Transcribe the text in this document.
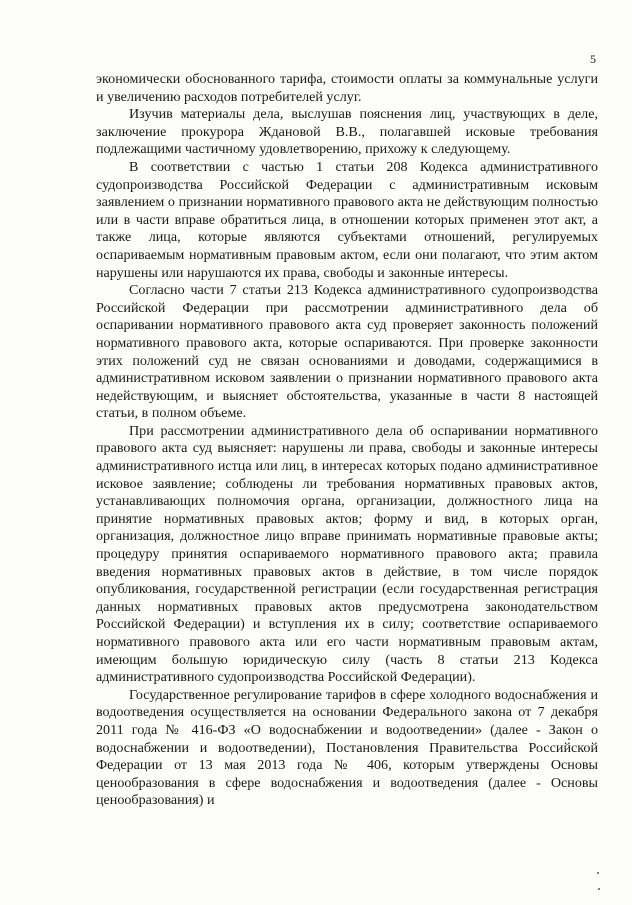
5

экономически обоснованного тарифа, стоимости оплаты за коммунальные услуги и увеличению расходов потребителей услуг.

Изучив материалы дела, выслушав пояснения лиц, участвующих в деле, заключение прокурора Ждановой В.В., полагавшей исковые требования подлежащими частичному удовлетворению, прихожу к следующему.

В соответствии с частью 1 статьи 208 Кодекса административного судопроизводства Российской Федерации с административным исковым заявлением о признании нормативного правового акта не действующим полностью или в части вправе обратиться лица, в отношении которых применен этот акт, а также лица, которые являются субъектами отношений, регулируемых оспариваемым нормативным правовым актом, если они полагают, что этим актом нарушены или нарушаются их права, свободы и законные интересы.

Согласно части 7 статьи 213 Кодекса административного судопроизводства Российской Федерации при рассмотрении административного дела об оспаривании нормативного правового акта суд проверяет законность положений нормативного правового акта, которые оспариваются. При проверке законности этих положений суд не связан основаниями и доводами, содержащимися в административном исковом заявлении о признании нормативного правового акта недействующим, и выясняет обстоятельства, указанные в части 8 настоящей статьи, в полном объеме.

При рассмотрении административного дела об оспаривании нормативного правового акта суд выясняет: нарушены ли права, свободы и законные интересы административного истца или лиц, в интересах которых подано административное исковое заявление; соблюдены ли требования нормативных правовых актов, устанавливающих полномочия органа, организации, должностного лица на принятие нормативных правовых актов; форму и вид, в которых орган, организация, должностное лицо вправе принимать нормативные правовые акты; процедуру принятия оспариваемого нормативного правового акта; правила введения нормативных правовых актов в действие, в том числе порядок опубликования, государственной регистрации (если государственная регистрация данных нормативных правовых актов предусмотрена законодательством Российской Федерации) и вступления их в силу; соответствие оспариваемого нормативного правового акта или его части нормативным правовым актам, имеющим большую юридическую силу (часть 8 статьи 213 Кодекса административного судопроизводства Российской Федерации).

Государственное регулирование тарифов в сфере холодного водоснабжения и водоотведения осуществляется на основании Федерального закона от 7 декабря 2011 года № 416-ФЗ «О водоснабжении и водоотведении» (далее - Закон о водоснабжении и водоотведении), Постановления Правительства Российской Федерации от 13 мая 2013 года № 406, которым утверждены Основы ценообразования в сфере водоснабжения и водоотведения (далее - Основы ценообразования) и
